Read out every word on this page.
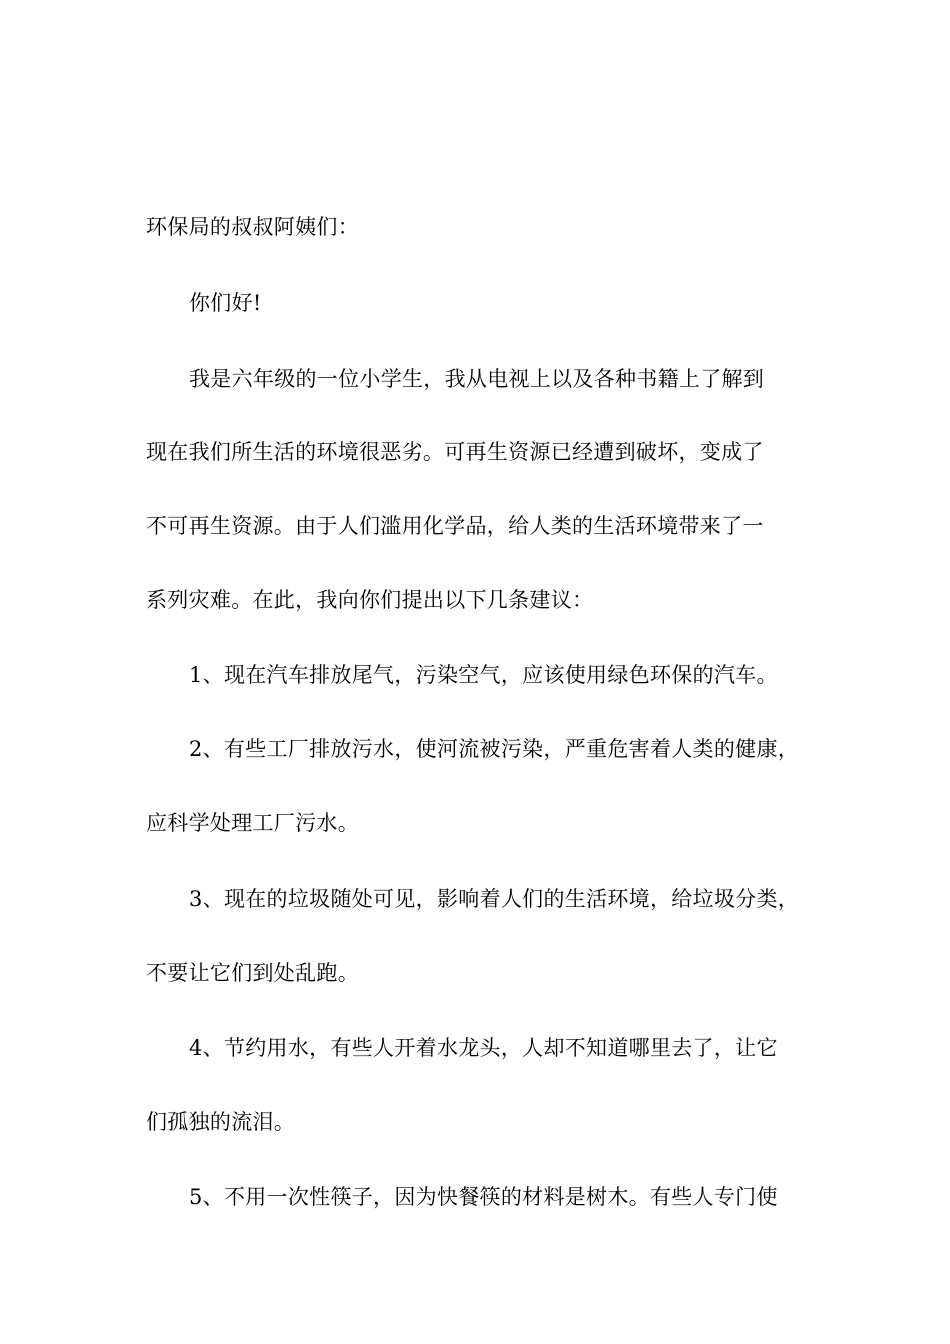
环保局的叔叔阿姨们：
你们好!
我是六年级的一位小学生，我从电视上以及各种书籍上了解到
现在我们所生活的环境很恶劣。可再生资源已经遭到破坏，变成了
不可再生资源。由于人们滥用化学品，给人类的生活环境带来了一
系列灾难。在此，我向你们提出以下几条建议：
1、现在汽车排放尾气，污染空气，应该使用绿色环保的汽车。
2、有些工厂排放污水，使河流被污染，严重危害着人类的健康，
应科学处理工厂污水。
3、现在的垃圾随处可见，影响着人们的生活环境，给垃圾分类，
不要让它们到处乱跑。
4、节约用水，有些人开着水龙头，人却不知道哪里去了，让它
们孤独的流泪。
5、不用一次性筷子，因为快餐筷的材料是树木。有些人专门使
